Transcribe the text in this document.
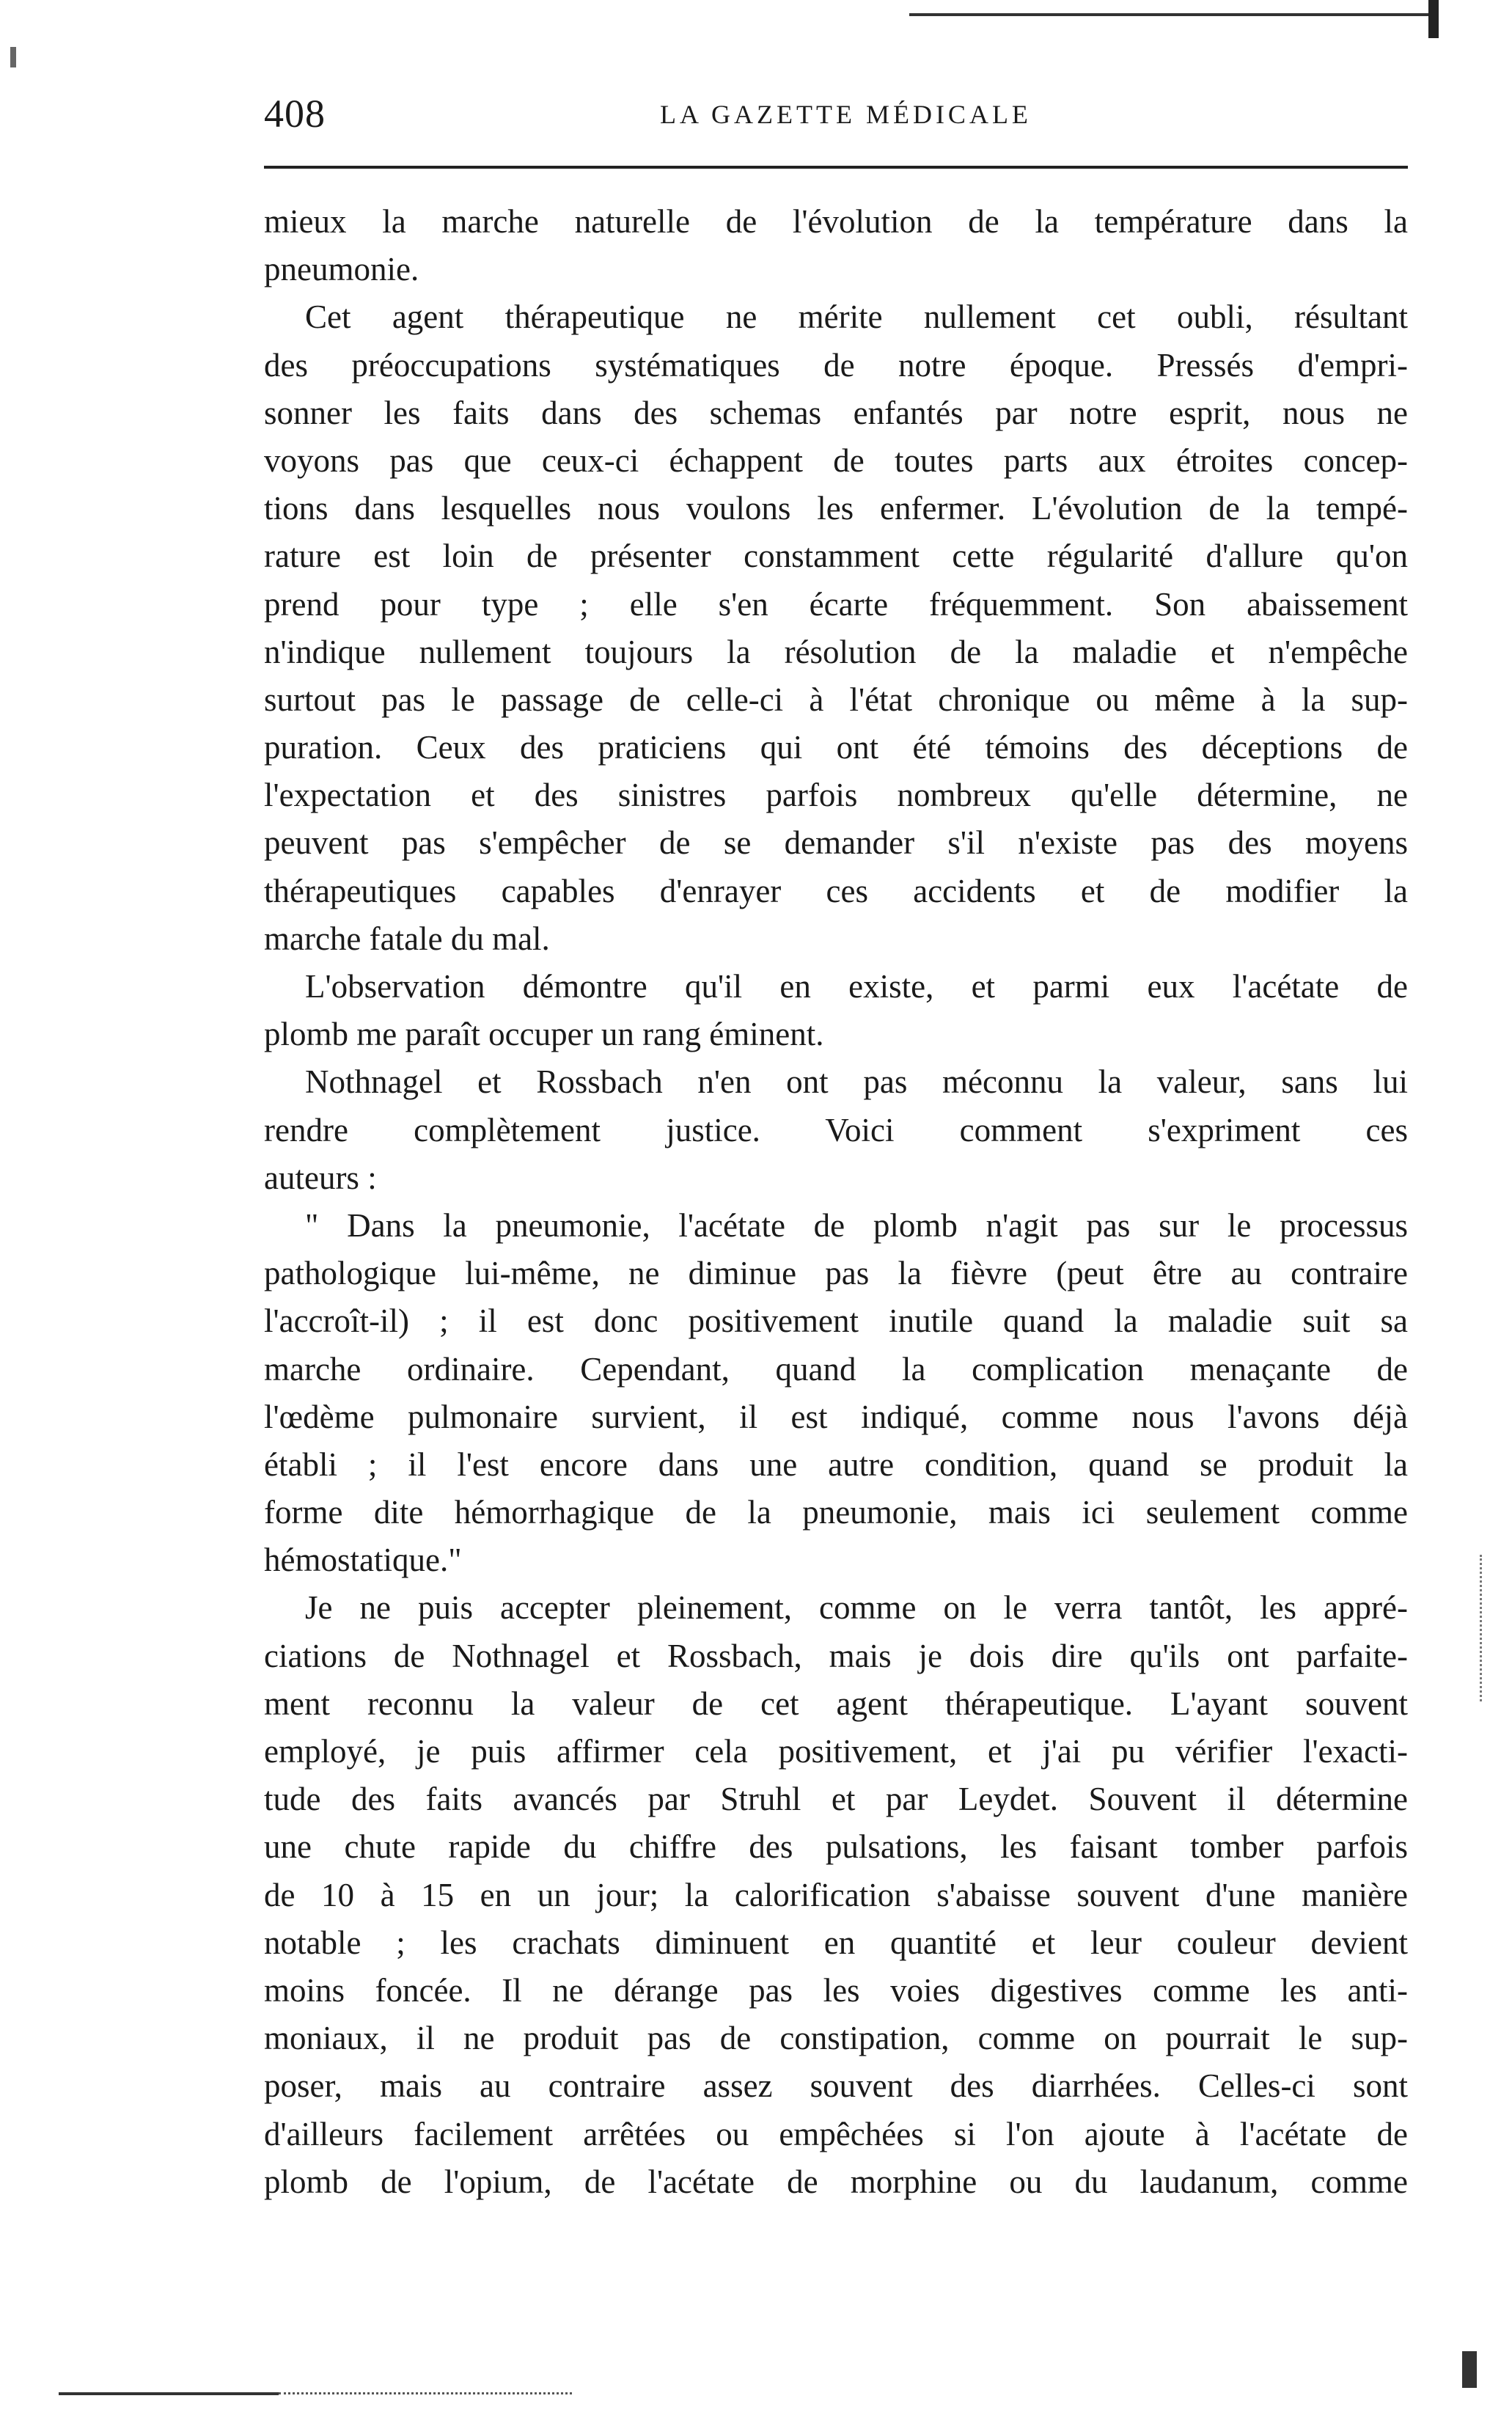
408	LA GAZETTE MÉDICALE
mieux la marche naturelle de l'évolution de la température dans la
pneumonie.
Cet agent thérapeutique ne mérite nullement cet oubli, résultant
des préoccupations systématiques de notre époque. Pressés d'empri-
sonner les faits dans des schemas enfantés par notre esprit, nous ne
voyons pas que ceux-ci échappent de toutes parts aux étroites concep-
tions dans lesquelles nous voulons les enfermer. L'évolution de la tempé-
rature est loin de présenter constamment cette régularité d'allure qu'on
prend pour type ; elle s'en écarte fréquemment. Son abaissement
n'indique nullement toujours la résolution de la maladie et n'empêche
surtout pas le passage de celle-ci à l'état chronique ou même à la sup-
puration. Ceux des praticiens qui ont été témoins des déceptions de
l'expectation et des sinistres parfois nombreux qu'elle détermine, ne
peuvent pas s'empêcher de se demander s'il n'existe pas des moyens
thérapeutiques capables d'enrayer ces accidents et de modifier la
marche fatale du mal.
L'observation démontre qu'il en existe, et parmi eux l'acétate de
plomb me paraît occuper un rang éminent.
Nothnagel et Rossbach n'en ont pas méconnu la valeur, sans lui
rendre complètement justice. Voici comment s'expriment ces
auteurs :
" Dans la pneumonie, l'acétate de plomb n'agit pas sur le processus
pathologique lui-même, ne diminue pas la fièvre (peut être au contraire
l'accroît-il) ; il est donc positivement inutile quand la maladie suit sa
marche ordinaire. Cependant, quand la complication menaçante de
l'œdème pulmonaire survient, il est indiqué, comme nous l'avons déjà
établi ; il l'est encore dans une autre condition, quand se produit la
forme dite hémorrhagique de la pneumonie, mais ici seulement comme
hémostatique."
Je ne puis accepter pleinement, comme on le verra tantôt, les appré-
ciations de Nothnagel et Rossbach, mais je dois dire qu'ils ont parfaite-
ment reconnu la valeur de cet agent thérapeutique. L'ayant souvent
employé, je puis affirmer cela positivement, et j'ai pu vérifier l'exacti-
tude des faits avancés par Struhl et par Leydet. Souvent il détermine
une chute rapide du chiffre des pulsations, les faisant tomber parfois
de 10 à 15 en un jour; la calorification s'abaisse souvent d'une manière
notable ; les crachats diminuent en quantité et leur couleur devient
moins foncée. Il ne dérange pas les voies digestives comme les anti-
moniaux, il ne produit pas de constipation, comme on pourrait le sup-
poser, mais au contraire assez souvent des diarrhées. Celles-ci sont
d'ailleurs facilement arrêtées ou empêchées si l'on ajoute à l'acétate de
plomb de l'opium, de l'acétate de morphine ou du laudanum, comme
